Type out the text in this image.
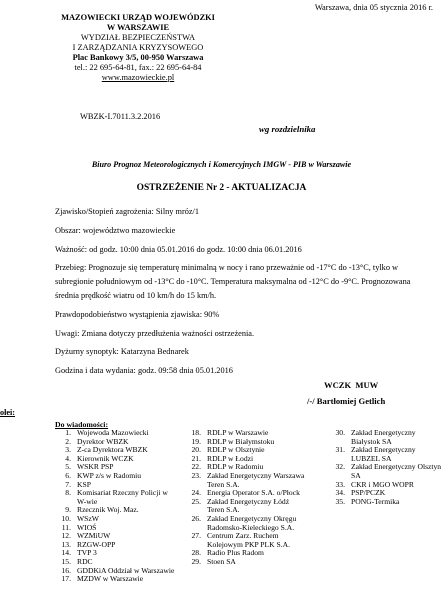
MAZOWIECKI URZĄD WOJEWÓDZKI
W WARSZAWIE
WYDZIAŁ BEZPIECZEŃSTWA
I ZARZĄDZANIA KRYZYSOWEGO
Plac Bankowy 3/5, 00-950 Warszawa
tel.: 22 695-64-81, fax.: 22 695-64-84
www.mazowieckie.pl
Warszawa, dnia 05 stycznia 2016 r.
WBZK-I.7011.3.2.2016
wg rozdzielnika
Biuro Prognoz Meteorologicznych i Komercyjnych IMGW - PIB w Warszawie
OSTRZEŻENIE Nr 2 - AKTUALIZACJA

Zjawisko/Stopień zagrożenia: Silny mróz/1

Obszar: województwo mazowieckie

Ważność: od godz. 10:00 dnia 05.01.2016 do godz. 10:00 dnia 06.01.2016

Przebieg: Prognozuje się temperaturę minimalną w nocy i rano przeważnie od -17°C do -13°C, tylko w subregionie południowym od -13°C do -10°C. Temperatura maksymalna od -12°C do -9°C. Prognozowana średnia prędkość wiatru od 10 km/h do 15 km/h.

Prawdopodobieństwo wystąpienia zjawiska: 90%

Uwagi: Zmiana dotyczy przedłużenia ważności ostrzeżenia.

Dyżurny synoptyk: Katarzyna Bednarek

Godzina i data wydania: godz. 09:58 dnia 05.01.2016

WCZK MUW
/-/ Bartłomiej Getlich
ołei:
Do wiadomości:
1. Wojewoda Mazowiecki
2. Dyrektor WBZK
3. Z-ca Dyrektora WBZK
4. Kierownik WCZK
5. WSKR PSP
6. KWP z/s w Radomiu
7. KSP
8. Komisariat Rzeczny Policji w W-wie
9. Rzecznik Woj. Maz.
10. WSzW
11. WIOŚ
12. WZMiUW
13. RZGW-OPP
14. TVP 3
15. RDC
16. GDDKiA Oddział w Warszawie
17. MZDW w Warszawie
18. RDLP w Warszawie
19. RDLP w Białymstoku
20. RDLP w Olsztynie
21. RDLP w Łodzi
22. RDLP w Radomiu
23. Zakład Energetyczny Warszawa Teren S.A.
24. Energia Operator S.A. o/Płock
25. Zakład Energetyczny Łódź Teren S.A.
26. Zakład Energetyczny Okręgu Radomsko-Kieleckiego S.A.
27. Centrum Zarz. Ruchem Kolejowym PKP PLK S.A.
28. Radio Plus Radom
29. Stoen SA
30. Zakład Energetyczny Białystok SA
31. Zakład Energetyczny LUBZEL SA
32. Zakład Energetyczny Olsztyn SA
33. CKR i MGO WOPR
34. PSP/PCZK
35. PONG-Termika
